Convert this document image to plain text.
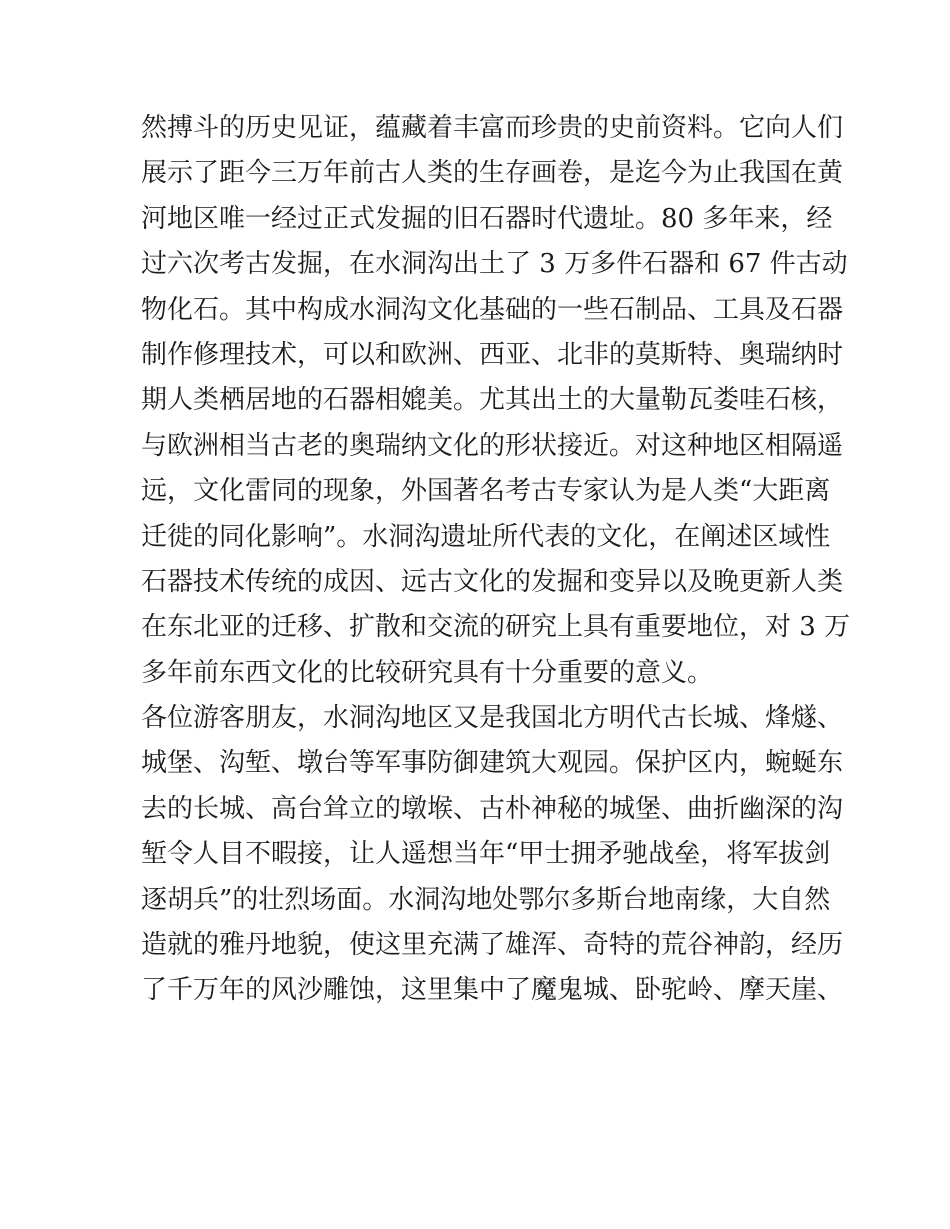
然搏斗的历史见证，蕴藏着丰富而珍贵的史前资料。它向人们
展示了距今三万年前古人类的生存画卷，是迄今为止我国在黄
河地区唯一经过正式发掘的旧石器时代遗址。80 多年来，经
过六次考古发掘，在水洞沟出土了 3 万多件石器和 67 件古动
物化石。其中构成水洞沟文化基础的一些石制品、工具及石器
制作修理技术，可以和欧洲、西亚、北非的莫斯特、奥瑞纳时
期人类栖居地的石器相媲美。尤其出土的大量勒瓦娄哇石核，
与欧洲相当古老的奥瑞纳文化的形状接近。对这种地区相隔遥
远，文化雷同的现象，外国著名考古专家认为是人类“大距离
迁徙的同化影响”。水洞沟遗址所代表的文化，在阐述区域性
石器技术传统的成因、远古文化的发掘和变异以及晚更新人类
在东北亚的迁移、扩散和交流的研究上具有重要地位，对 3 万
多年前东西文化的比较研究具有十分重要的意义。
各位游客朋友，水洞沟地区又是我国北方明代古长城、烽燧、
城堡、沟堑、墩台等军事防御建筑大观园。保护区内，蜿蜒东
去的长城、高台耸立的墩堠、古朴神秘的城堡、曲折幽深的沟
堑令人目不暇接，让人遥想当年“甲士拥矛驰战垒，将军拔剑
逐胡兵”的壮烈场面。水洞沟地处鄂尔多斯台地南缘，大自然
造就的雅丹地貌，使这里充满了雄浑、奇特的荒谷神韵，经历
了千万年的风沙雕蚀，这里集中了魔鬼城、卧驼岭、摩天崖、
